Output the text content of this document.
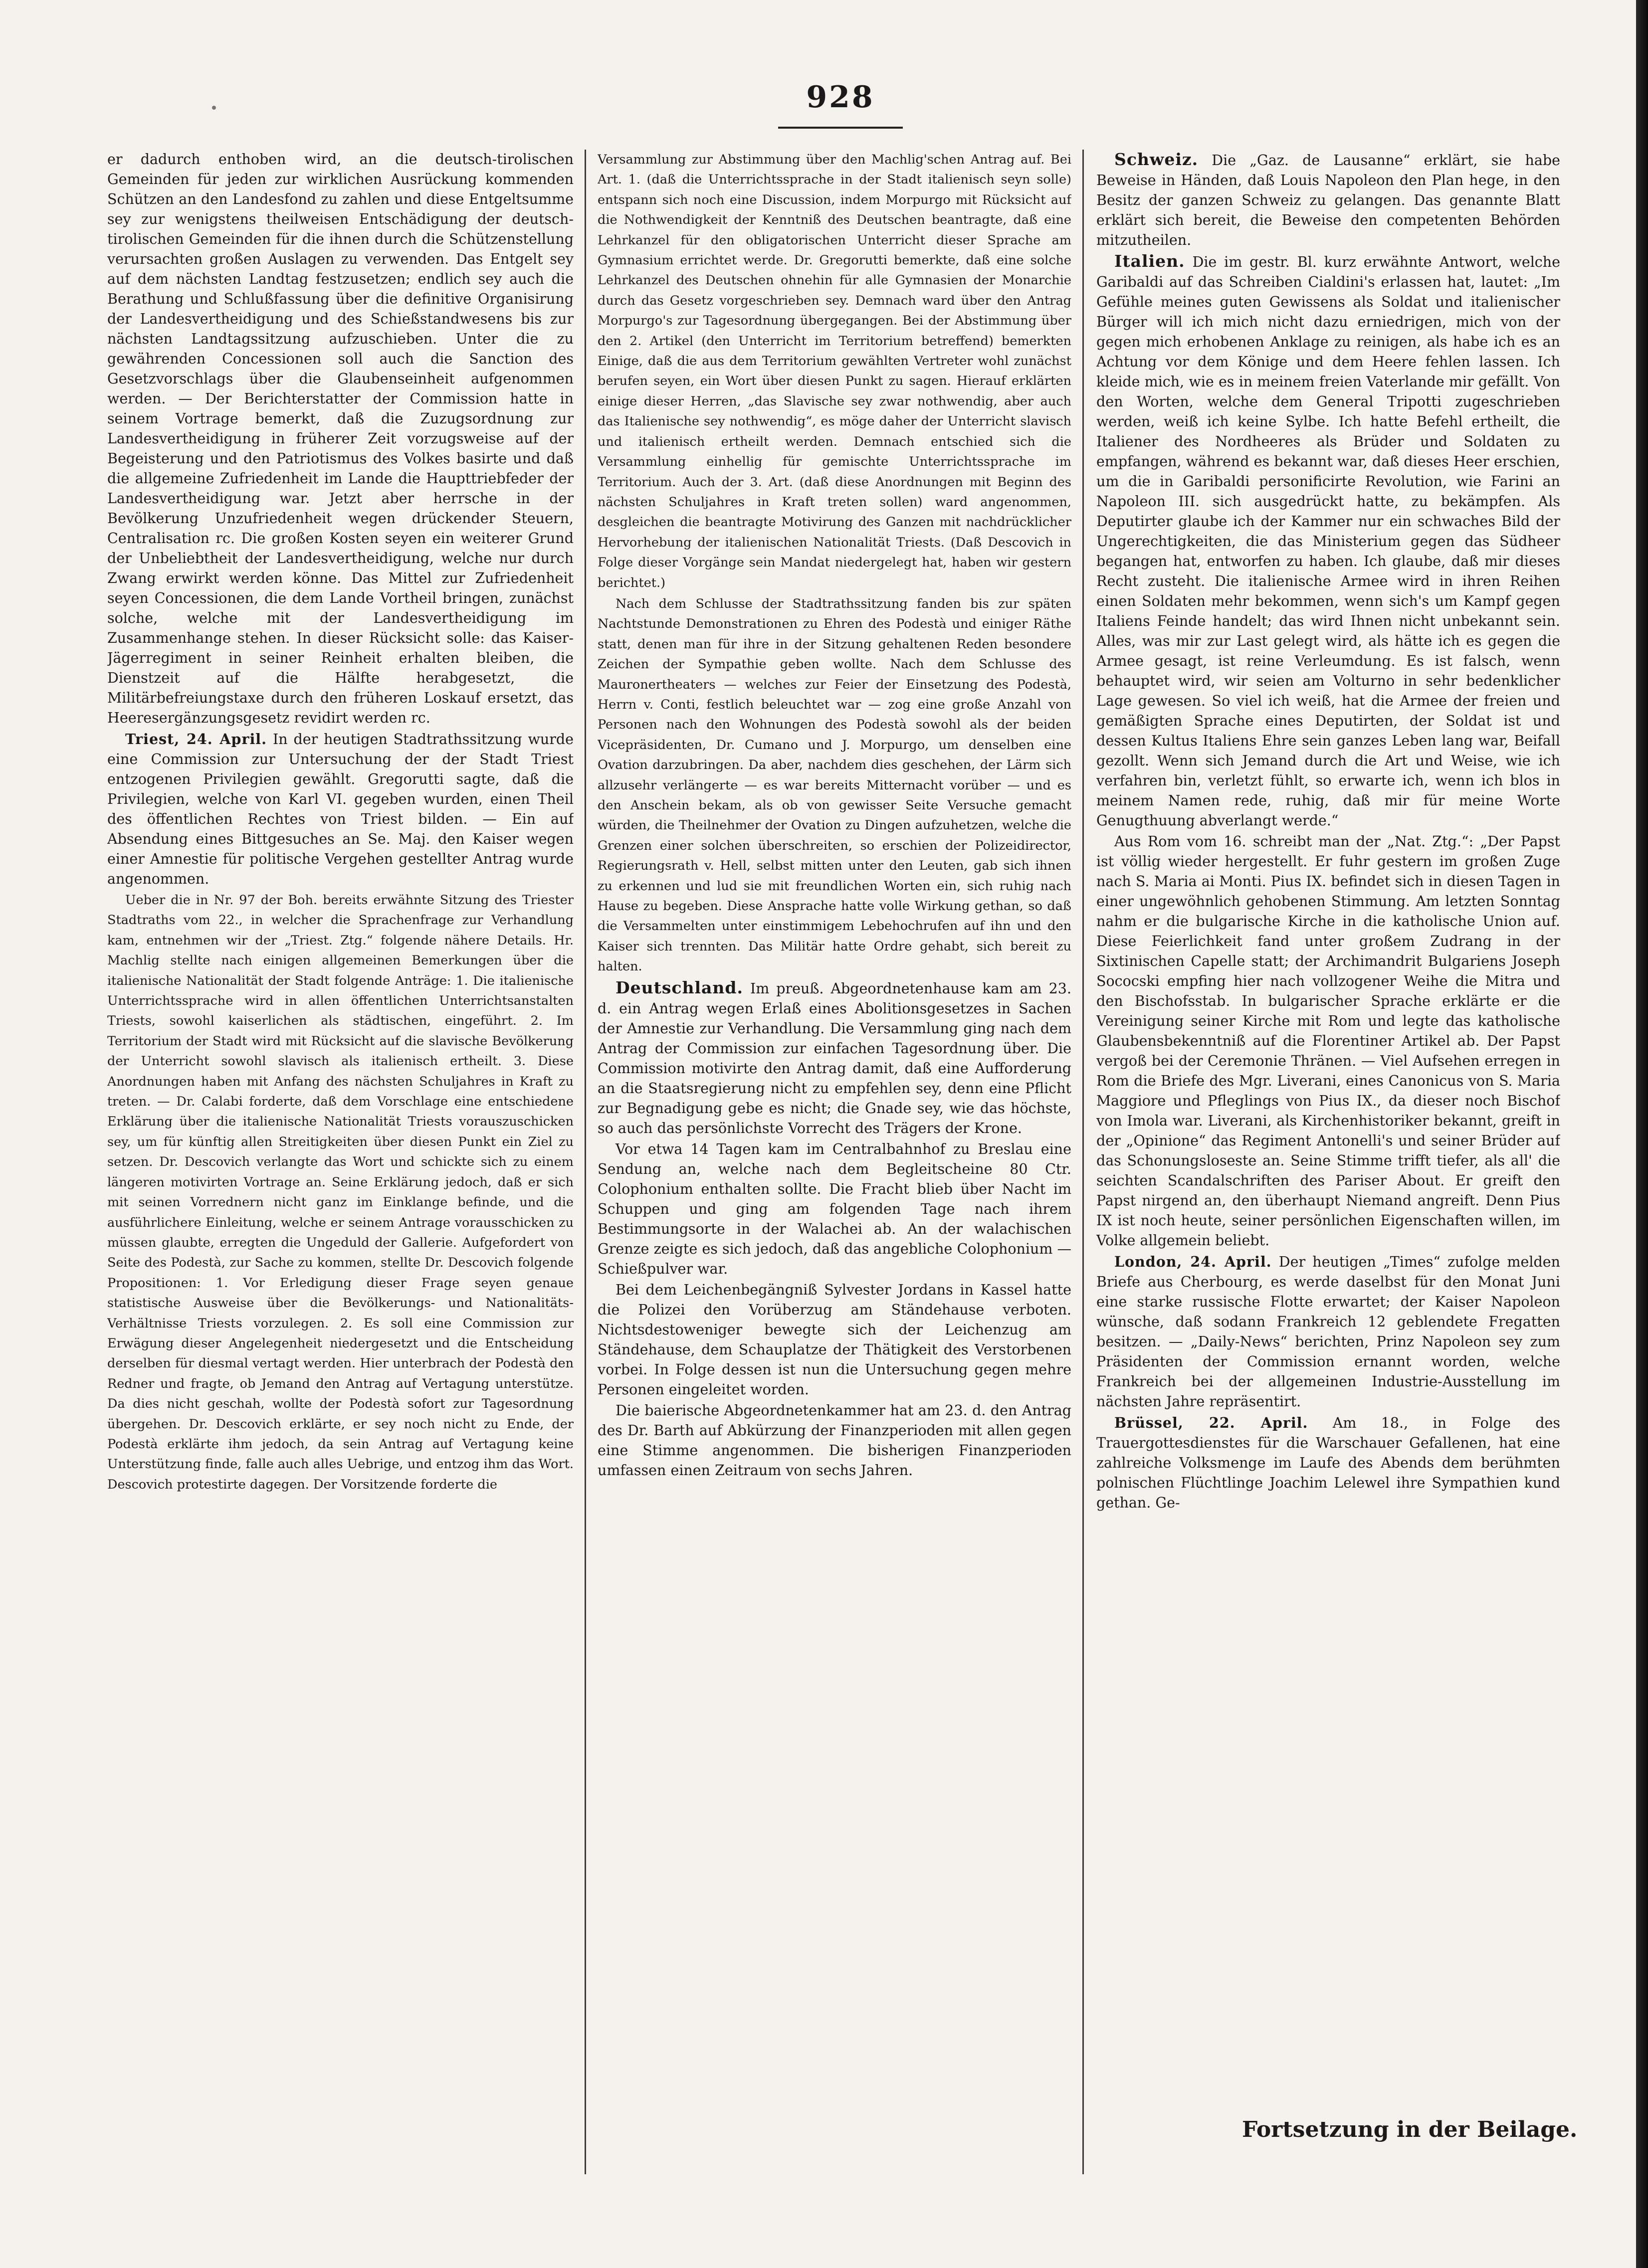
928

er dadurch enthoben wird, an die deutsch-tirolischen Gemeinden für jeden zur wirklichen Ausrückung kommenden Schützen an den Landesfond zu zahlen und diese Entgeltsumme sey zur wenigstens theilweisen Entschädigung der deutsch-tirolischen Gemeinden für die ihnen durch die Schützenstellung verursachten großen Auslagen zu verwenden. Das Entgelt sey auf dem nächsten Landtag festzusetzen; endlich sey auch die Berathung und Schlußfassung über die definitive Organisirung der Landesvertheidigung und des Schießstandwesens bis zur nächsten Landtagssitzung aufzuschieben. Unter die zu gewährenden Concessionen soll auch die Sanction des Gesetzvorschlags über die Glaubenseinheit aufgenommen werden. — Der Berichterstatter der Commission hatte in seinem Vortrage bemerkt, daß die Zuzugsordnung zur Landesvertheidigung in früherer Zeit vorzugsweise auf der Begeisterung und den Patriotismus des Volkes basirte und daß die allgemeine Zufriedenheit im Lande die Haupttriebfeder der Landesvertheidigung war. Jetzt aber herrsche in der Bevölkerung Unzufriedenheit wegen drückender Steuern, Centralisation rc. Die großen Kosten seyen ein weiterer Grund der Unbeliebtheit der Landesvertheidigung, welche nur durch Zwang erwirkt werden könne. Das Mittel zur Zufriedenheit seyen Concessionen, die dem Lande Vortheil bringen, zunächst solche, welche mit der Landesvertheidigung im Zusammenhange stehen. In dieser Rücksicht solle: das Kaiser-Jägerregiment in seiner Reinheit erhalten bleiben, die Dienstzeit auf die Hälfte herabgesetzt, die Militärbefreiungstaxe durch den früheren Loskauf ersetzt, das Heeresergänzungsgesetz revidirt werden rc.

Triest, 24. April. In der heutigen Stadtrathssitzung wurde eine Commission zur Untersuchung der der Stadt Triest entzogenen Privilegien gewählt. Gregorutti sagte, daß die Privilegien, welche von Karl VI. gegeben wurden, einen Theil des öffentlichen Rechtes von Triest bilden. — Ein auf Absendung eines Bittgesuches an Se. Maj. den Kaiser wegen einer Amnestie für politische Vergehen gestellter Antrag wurde angenommen.

Ueber die in Nr. 97 der Boh. bereits erwähnte Sitzung des Triester Stadtraths vom 22., in welcher die Sprachenfrage zur Verhandlung kam, entnehmen wir der „Triest. Ztg.“ folgende nähere Details. Hr. Machlig stellte nach einigen allgemeinen Bemerkungen über die italienische Nationalität der Stadt folgende Anträge: 1. Die italienische Unterrichtssprache wird in allen öffentlichen Unterrichtsanstalten Triests, sowohl kaiserlichen als städtischen, eingeführt. 2. Im Territorium der Stadt wird mit Rücksicht auf die slavische Bevölkerung der Unterricht sowohl slavisch als italienisch ertheilt. 3. Diese Anordnungen haben mit Anfang des nächsten Schuljahres in Kraft zu treten. — Dr. Calabi forderte, daß dem Vorschlage eine entschiedene Erklärung über die italienische Nationalität Triests vorauszuschicken sey, um für künftig allen Streitigkeiten über diesen Punkt ein Ziel zu setzen. Dr. Descovich verlangte das Wort und schickte sich zu einem längeren motivirten Vortrage an. Seine Erklärung jedoch, daß er sich mit seinen Vorrednern nicht ganz im Einklange befinde, und die ausführlichere Einleitung, welche er seinem Antrage vorausschicken zu müssen glaubte, erregten die Ungeduld der Gallerie. Aufgefordert von Seite des Podestà, zur Sache zu kommen, stellte Dr. Descovich folgende Propositionen: 1. Vor Erledigung dieser Frage seyen genaue statistische Ausweise über die Bevölkerungs- und Nationalitäts-Verhältnisse Triests vorzulegen. 2. Es soll eine Commission zur Erwägung dieser Angelegenheit niedergesetzt und die Entscheidung derselben für diesmal vertagt werden. Hier unterbrach der Podestà den Redner und fragte, ob Jemand den Antrag auf Vertagung unterstütze. Da dies nicht geschah, wollte der Podestà sofort zur Tagesordnung übergehen. Dr. Descovich erklärte, er sey noch nicht zu Ende, der Podestà erklärte ihm jedoch, da sein Antrag auf Vertagung keine Unterstützung finde, falle auch alles Uebrige, und entzog ihm das Wort. Descovich protestirte dagegen. Der Vorsitzende forderte die

Versammlung zur Abstimmung über den Machlig'schen Antrag auf. Bei Art. 1. (daß die Unterrichtssprache in der Stadt italienisch seyn solle) entspann sich noch eine Discussion, indem Morpurgo mit Rücksicht auf die Nothwendigkeit der Kenntniß des Deutschen beantragte, daß eine Lehrkanzel für den obligatorischen Unterricht dieser Sprache am Gymnasium errichtet werde. Dr. Gregorutti bemerkte, daß eine solche Lehrkanzel des Deutschen ohnehin für alle Gymnasien der Monarchie durch das Gesetz vorgeschrieben sey. Demnach ward über den Antrag Morpurgo's zur Tagesordnung übergegangen. Bei der Abstimmung über den 2. Artikel (den Unterricht im Territorium betreffend) bemerkten Einige, daß die aus dem Territorium gewählten Vertreter wohl zunächst berufen seyen, ein Wort über diesen Punkt zu sagen. Hierauf erklärten einige dieser Herren, „das Slavische sey zwar nothwendig, aber auch das Italienische sey nothwendig“, es möge daher der Unterricht slavisch und italienisch ertheilt werden. Demnach entschied sich die Versammlung einhellig für gemischte Unterrichtssprache im Territorium. Auch der 3. Art. (daß diese Anordnungen mit Beginn des nächsten Schuljahres in Kraft treten sollen) ward angenommen, desgleichen die beantragte Motivirung des Ganzen mit nachdrücklicher Hervorhebung der italienischen Nationalität Triests. (Daß Descovich in Folge dieser Vorgänge sein Mandat niedergelegt hat, haben wir gestern berichtet.)

Nach dem Schlusse der Stadtrathssitzung fanden bis zur späten Nachtstunde Demonstrationen zu Ehren des Podestà und einiger Räthe statt, denen man für ihre in der Sitzung gehaltenen Reden besondere Zeichen der Sympathie geben wollte. Nach dem Schlusse des Mauronertheaters — welches zur Feier der Einsetzung des Podestà, Herrn v. Conti, festlich beleuchtet war — zog eine große Anzahl von Personen nach den Wohnungen des Podestà sowohl als der beiden Vicepräsidenten, Dr. Cumano und J. Morpurgo, um denselben eine Ovation darzubringen. Da aber, nachdem dies geschehen, der Lärm sich allzusehr verlängerte — es war bereits Mitternacht vorüber — und es den Anschein bekam, als ob von gewisser Seite Versuche gemacht würden, die Theilnehmer der Ovation zu Dingen aufzuhetzen, welche die Grenzen einer solchen überschreiten, so erschien der Polizeidirector, Regierungsrath v. Hell, selbst mitten unter den Leuten, gab sich ihnen zu erkennen und lud sie mit freundlichen Worten ein, sich ruhig nach Hause zu begeben. Diese Ansprache hatte volle Wirkung gethan, so daß die Versammelten unter einstimmigem Lebehochrufen auf ihn und den Kaiser sich trennten. Das Militär hatte Ordre gehabt, sich bereit zu halten.

Deutschland. Im preuß. Abgeordnetenhause kam am 23. d. ein Antrag wegen Erlaß eines Abolitionsgesetzes in Sachen der Amnestie zur Verhandlung. Die Versammlung ging nach dem Antrag der Commission zur einfachen Tagesordnung über. Die Commission motivirte den Antrag damit, daß eine Aufforderung an die Staatsregierung nicht zu empfehlen sey, denn eine Pflicht zur Begnadigung gebe es nicht; die Gnade sey, wie das höchste, so auch das persönlichste Vorrecht des Trägers der Krone.

Vor etwa 14 Tagen kam im Centralbahnhof zu Breslau eine Sendung an, welche nach dem Begleitscheine 80 Ctr. Colophonium enthalten sollte. Die Fracht blieb über Nacht im Schuppen und ging am folgenden Tage nach ihrem Bestimmungsorte in der Walachei ab. An der walachischen Grenze zeigte es sich jedoch, daß das angebliche Colophonium — Schießpulver war.

Bei dem Leichenbegängniß Sylvester Jordans in Kassel hatte die Polizei den Vorüberzug am Ständehause verboten. Nichtsdestoweniger bewegte sich der Leichenzug am Ständehause, dem Schauplatze der Thätigkeit des Verstorbenen vorbei. In Folge dessen ist nun die Untersuchung gegen mehre Personen eingeleitet worden.

Die baierische Abgeordnetenkammer hat am 23. d. den Antrag des Dr. Barth auf Abkürzung der Finanzperioden mit allen gegen eine Stimme angenommen. Die bisherigen Finanzperioden umfassen einen Zeitraum von sechs Jahren.

Schweiz. Die „Gaz. de Lausanne“ erklärt, sie habe Beweise in Händen, daß Louis Napoleon den Plan hege, in den Besitz der ganzen Schweiz zu gelangen. Das genannte Blatt erklärt sich bereit, die Beweise den competenten Behörden mitzutheilen.

Italien. Die im gestr. Bl. kurz erwähnte Antwort, welche Garibaldi auf das Schreiben Cialdini's erlassen hat, lautet: „Im Gefühle meines guten Gewissens als Soldat und italienischer Bürger will ich mich nicht dazu erniedrigen, mich von der gegen mich erhobenen Anklage zu reinigen, als habe ich es an Achtung vor dem Könige und dem Heere fehlen lassen. Ich kleide mich, wie es in meinem freien Vaterlande mir gefällt. Von den Worten, welche dem General Tripotti zugeschrieben werden, weiß ich keine Sylbe. Ich hatte Befehl ertheilt, die Italiener des Nordheeres als Brüder und Soldaten zu empfangen, während es bekannt war, daß dieses Heer erschien, um die in Garibaldi personificirte Revolution, wie Farini an Napoleon III. sich ausgedrückt hatte, zu bekämpfen. Als Deputirter glaube ich der Kammer nur ein schwaches Bild der Ungerechtigkeiten, die das Ministerium gegen das Südheer begangen hat, entworfen zu haben. Ich glaube, daß mir dieses Recht zusteht. Die italienische Armee wird in ihren Reihen einen Soldaten mehr bekommen, wenn sich's um Kampf gegen Italiens Feinde handelt; das wird Ihnen nicht unbekannt sein. Alles, was mir zur Last gelegt wird, als hätte ich es gegen die Armee gesagt, ist reine Verleumdung. Es ist falsch, wenn behauptet wird, wir seien am Volturno in sehr bedenklicher Lage gewesen. So viel ich weiß, hat die Armee der freien und gemäßigten Sprache eines Deputirten, der Soldat ist und dessen Kultus Italiens Ehre sein ganzes Leben lang war, Beifall gezollt. Wenn sich Jemand durch die Art und Weise, wie ich verfahren bin, verletzt fühlt, so erwarte ich, wenn ich blos in meinem Namen rede, ruhig, daß mir für meine Worte Genugthuung abverlangt werde.“

Aus Rom vom 16. schreibt man der „Nat. Ztg.“: „Der Papst ist völlig wieder hergestellt. Er fuhr gestern im großen Zuge nach S. Maria ai Monti. Pius IX. befindet sich in diesen Tagen in einer ungewöhnlich gehobenen Stimmung. Am letzten Sonntag nahm er die bulgarische Kirche in die katholische Union auf. Diese Feierlichkeit fand unter großem Zudrang in der Sixtinischen Capelle statt; der Archimandrit Bulgariens Joseph Sococski empfing hier nach vollzogener Weihe die Mitra und den Bischofsstab. In bulgarischer Sprache erklärte er die Vereinigung seiner Kirche mit Rom und legte das katholische Glaubensbekenntniß auf die Florentiner Artikel ab. Der Papst vergoß bei der Ceremonie Thränen. — Viel Aufsehen erregen in Rom die Briefe des Mgr. Liverani, eines Canonicus von S. Maria Maggiore und Pfleglings von Pius IX., da dieser noch Bischof von Imola war. Liverani, als Kirchenhistoriker bekannt, greift in der „Opinione“ das Regiment Antonelli's und seiner Brüder auf das Schonungsloseste an. Seine Stimme trifft tiefer, als all' die seichten Scandalschriften des Pariser About. Er greift den Papst nirgend an, den überhaupt Niemand angreift. Denn Pius IX ist noch heute, seiner persönlichen Eigenschaften willen, im Volke allgemein beliebt.

London, 24. April. Der heutigen „Times“ zufolge melden Briefe aus Cherbourg, es werde daselbst für den Monat Juni eine starke russische Flotte erwartet; der Kaiser Napoleon wünsche, daß sodann Frankreich 12 geblendete Fregatten besitzen. — „Daily-News“ berichten, Prinz Napoleon sey zum Präsidenten der Commission ernannt worden, welche Frankreich bei der allgemeinen Industrie-Ausstellung im nächsten Jahre repräsentirt.

Brüssel, 22. April. Am 18., in Folge des Trauergottesdienstes für die Warschauer Gefallenen, hat eine zahlreiche Volksmenge im Laufe des Abends dem berühmten polnischen Flüchtlinge Joachim Lelewel ihre Sympathien kund gethan. Ge-

Fortsetzung in der Beilage.
